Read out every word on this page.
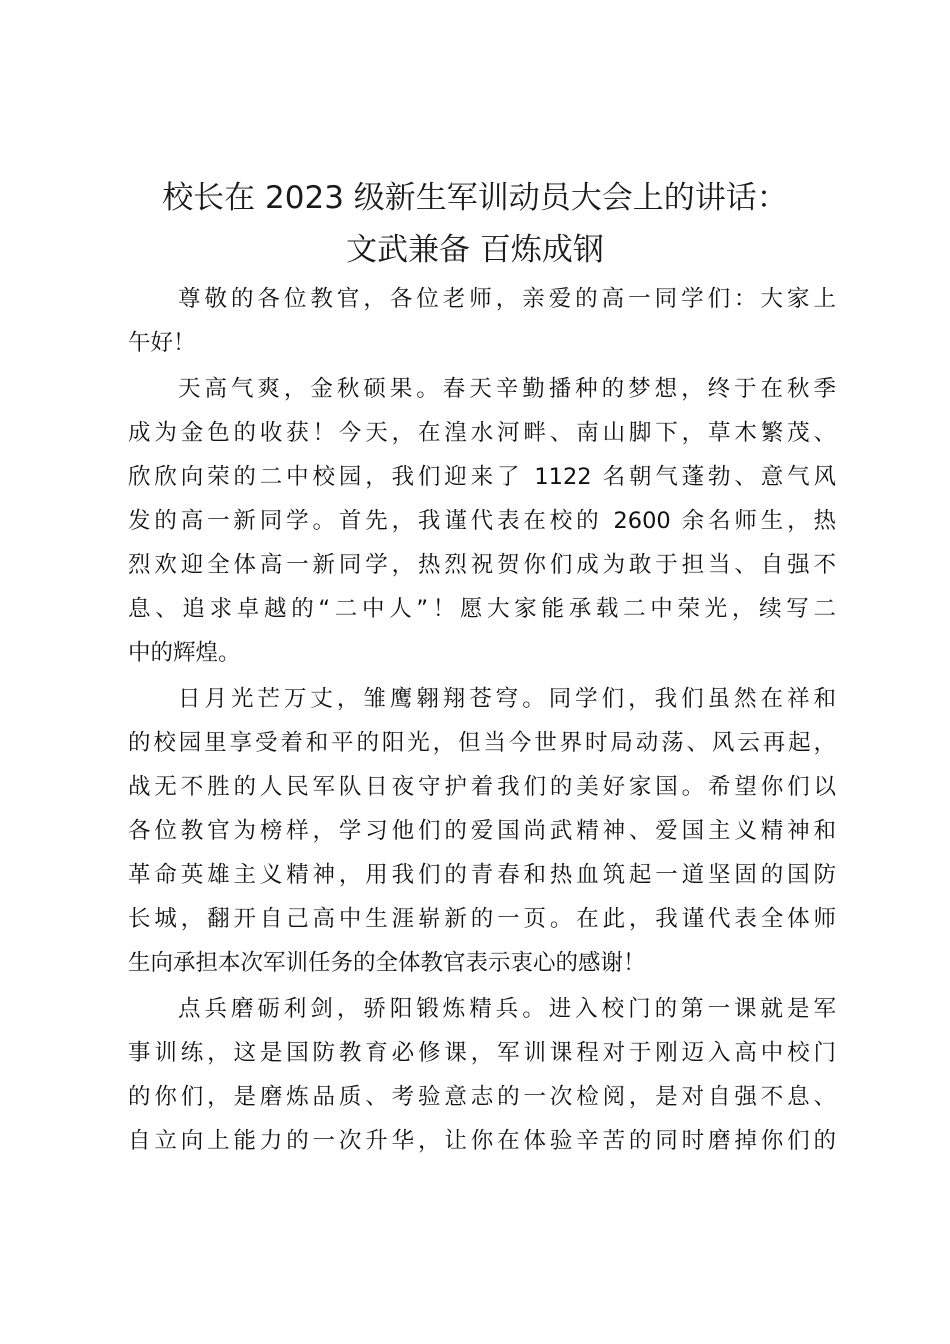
校长在 2023 级新生军训动员大会上的讲话：
文武兼备 百炼成钢

尊敬的各位教官，各位老师，亲爱的高一同学们：大家上
午好！

天高气爽，金秋硕果。春天辛勤播种的梦想，终于在秋季
成为金色的收获！今天，在湟水河畔、南山脚下，草木繁茂、
欣欣向荣的二中校园，我们迎来了 1122 名朝气蓬勃、意气风
发的高一新同学。首先，我谨代表在校的 2600 余名师生，热
烈欢迎全体高一新同学，热烈祝贺你们成为敢于担当、自强不
息、追求卓越的“二中人”！愿大家能承载二中荣光，续写二
中的辉煌。

日月光芒万丈，雏鹰翱翔苍穹。同学们，我们虽然在祥和
的校园里享受着和平的阳光，但当今世界时局动荡、风云再起，
战无不胜的人民军队日夜守护着我们的美好家国。希望你们以
各位教官为榜样，学习他们的爱国尚武精神、爱国主义精神和
革命英雄主义精神，用我们的青春和热血筑起一道坚固的国防
长城，翻开自己高中生涯崭新的一页。在此，我谨代表全体师
生向承担本次军训任务的全体教官表示衷心的感谢！

点兵磨砺利剑，骄阳锻炼精兵。进入校门的第一课就是军
事训练，这是国防教育必修课，军训课程对于刚迈入高中校门
的你们，是磨炼品质、考验意志的一次检阅，是对自强不息、
自立向上能力的一次升华，让你在体验辛苦的同时磨掉你们的
